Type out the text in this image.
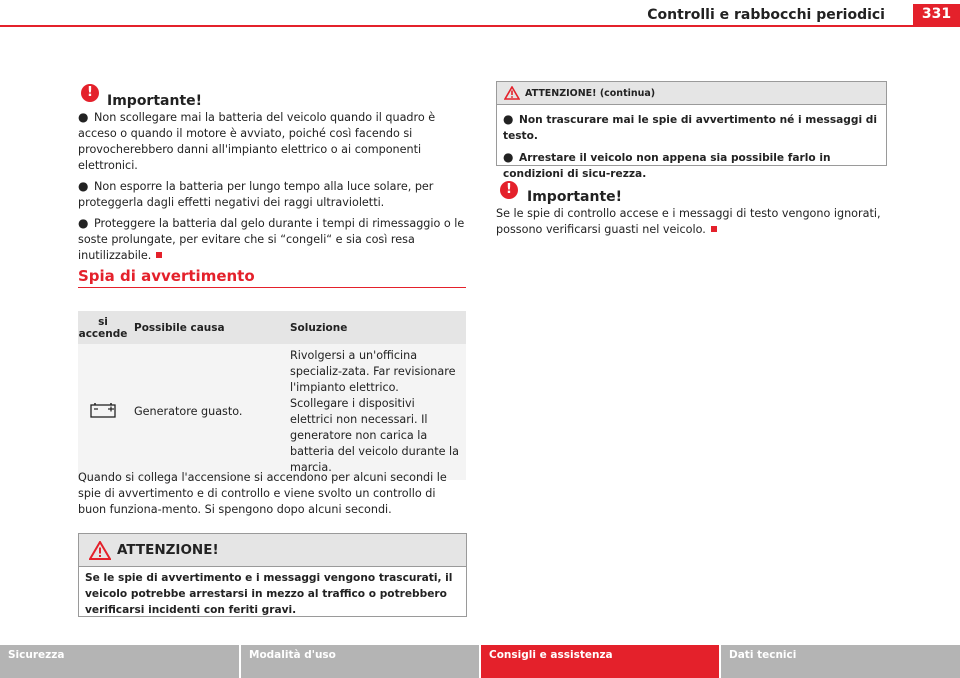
Controlli e rabbocchi periodici	331
!
Importante!

● Non scollegare mai la batteria del veicolo quando il quadro è acceso o quando il motore è avviato, poiché così facendo si provocherebbero danni all'impianto elettrico o ai componenti elettronici.

● Non esporre la batteria per lungo tempo alla luce solare, per proteggerla dagli effetti negativi dei raggi ultravioletti.

● Proteggere la batteria dal gelo durante i tempi di rimessaggio o le soste prolungate, per evitare che si “congeli“ e sia così resa inutilizzabile.

Spia di avvertimento
si accende	Possibile causa	Soluzione
	Generatore guasto.	Rivolgersi a un'officina specializ-zata. Far revisionare l'impianto elettrico.
Scollegare i dispositivi elettrici non necessari. Il generatore non carica la batteria del veicolo durante la marcia.
Quando si collega l'accensione si accendono per alcuni secondi le spie di avvertimento e di controllo e viene svolto un controllo di buon funziona-mento. Si spengono dopo alcuni secondi.
ATTENZIONE!
Se le spie di avvertimento e i messaggi vengono trascurati, il veicolo potrebbe arrestarsi in mezzo al traffico o potrebbero verificarsi incidenti con feriti gravi.
ATTENZIONE! (continua)

● Non trascurare mai le spie di avvertimento né i messaggi di testo.

● Arrestare il veicolo non appena sia possibile farlo in condizioni di sicu-rezza.

!	Importante!
Se le spie di controllo accese e i messaggi di testo vengono ignorati, possono verificarsi guasti nel veicolo.
Sicurezza	Modalità d'uso	Consigli e assistenza	Dati tecnici
